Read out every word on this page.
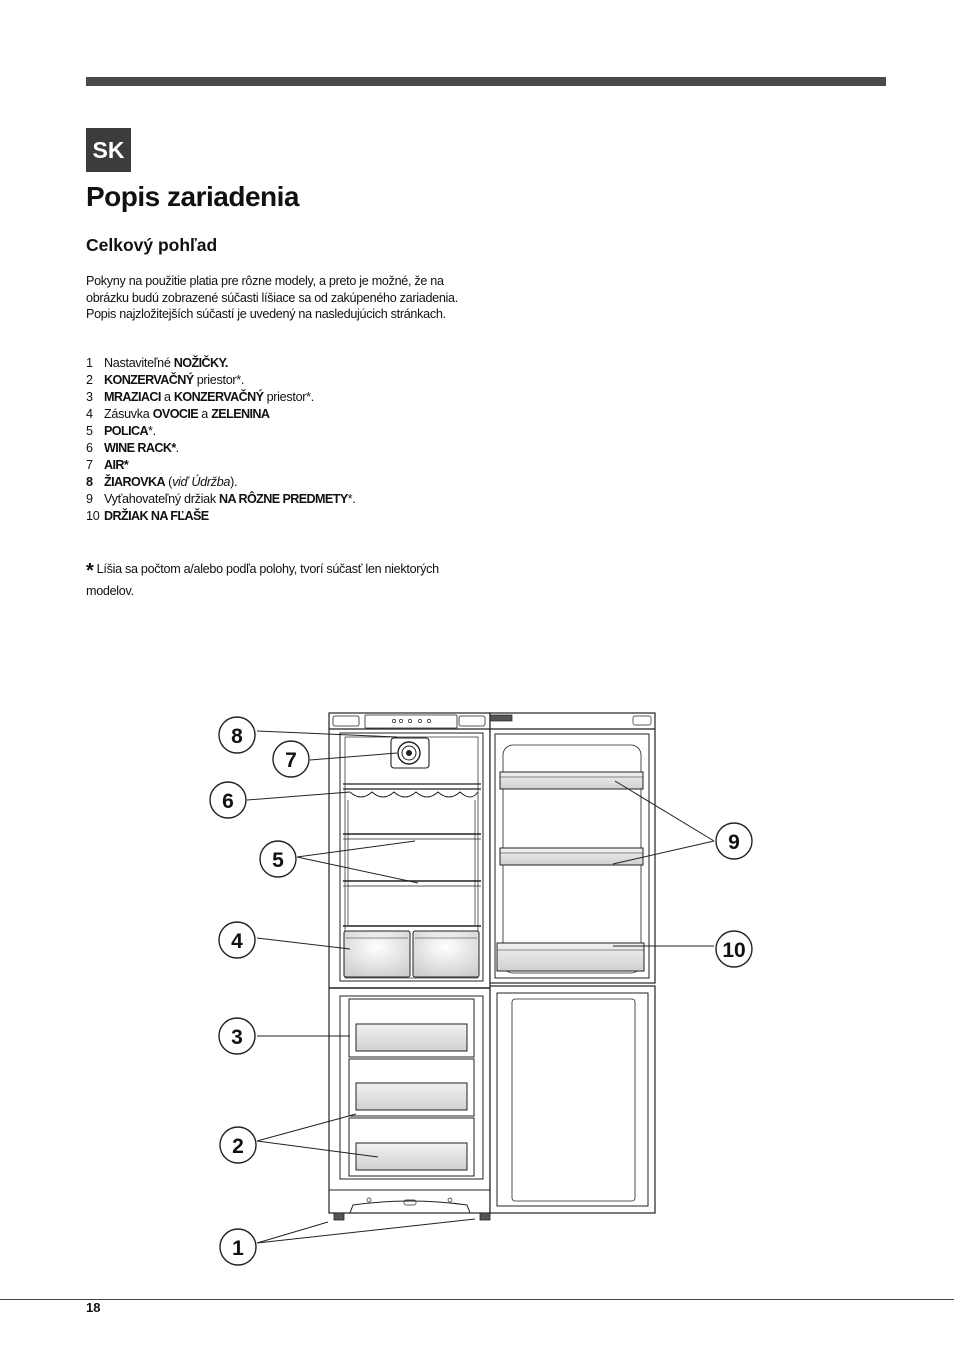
SK
Popis zariadenia
Celkový pohľad

Pokyny na použitie platia pre rôzne modely, a preto je možné, že na obrázku budú zobrazené súčasti líšiace sa od zakúpeného zariadenia. Popis najzložitejších súčastí je uvedený na nasledujúcich stránkach.

1 Nastaviteľné NOŽIČKY.
2 KONZERVAČNÝ priestor*.
3 MRAZIACI a KONZERVAČNÝ priestor*.
4 Zásuvka OVOCIE a ZELENINA
5 POLICA*.
6 WINE RACK*.
7 AIR*
8 ŽIAROVKA (viď Údržba).
9 Vyťahovateľný držiak NA RÔZNE PREDMETY*.
10 DRŽIAK NA FĽAŠE

* Líšia sa počtom a/alebo podľa polohy, tvorí súčasť len niektorých modelov.

1
2
3
4
5
6
7
8
9
10
18
